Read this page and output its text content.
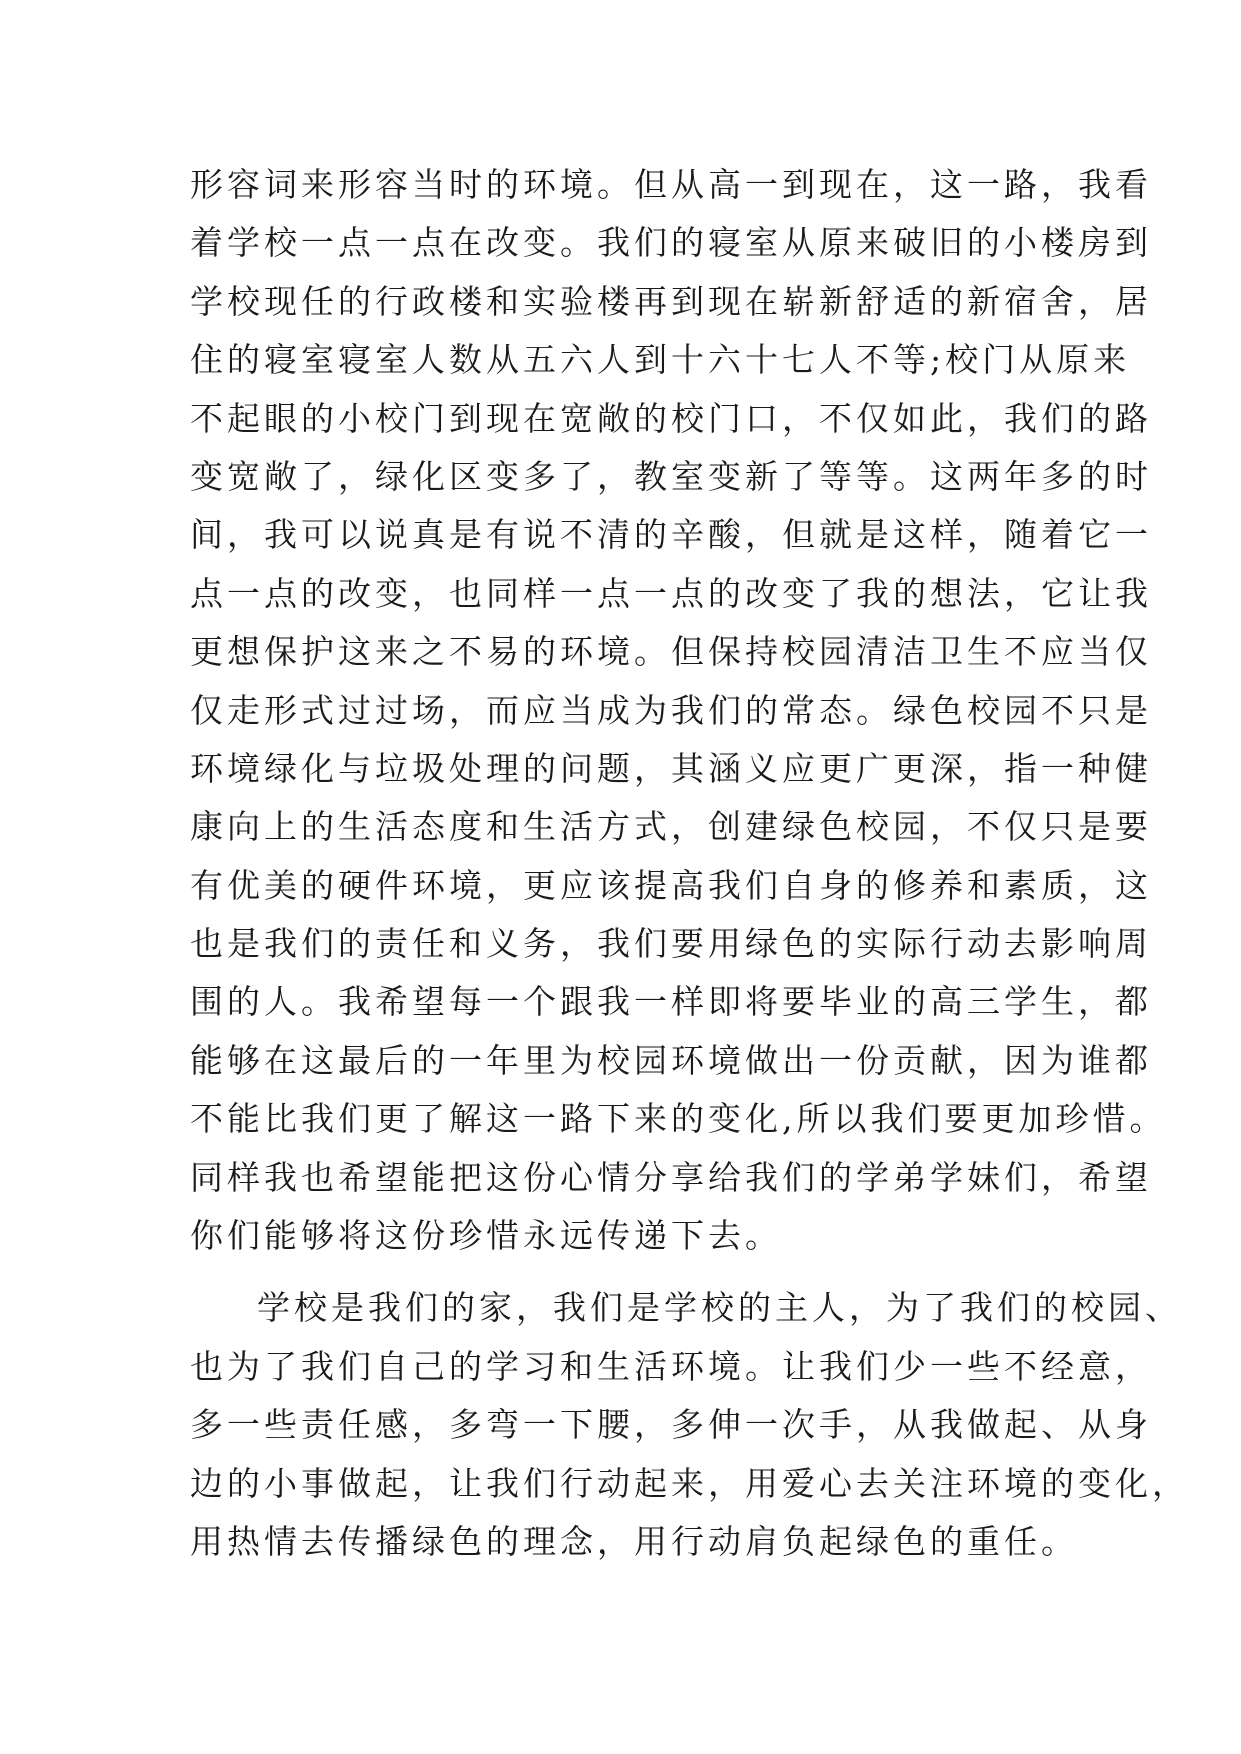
形容词来形容当时的环境。但从高一到现在，这一路，我看
着学校一点一点在改变。我们的寝室从原来破旧的小楼房到
学校现任的行政楼和实验楼再到现在崭新舒适的新宿舍，居
住的寝室寝室人数从五六人到十六十七人不等;校门从原来
不起眼的小校门到现在宽敞的校门口，不仅如此，我们的路
变宽敞了，绿化区变多了，教室变新了等等。这两年多的时
间，我可以说真是有说不清的辛酸，但就是这样，随着它一
点一点的改变，也同样一点一点的改变了我的想法，它让我
更想保护这来之不易的环境。但保持校园清洁卫生不应当仅
仅走形式过过场，而应当成为我们的常态。绿色校园不只是
环境绿化与垃圾处理的问题，其涵义应更广更深，指一种健
康向上的生活态度和生活方式，创建绿色校园，不仅只是要
有优美的硬件环境，更应该提高我们自身的修养和素质，这
也是我们的责任和义务，我们要用绿色的实际行动去影响周
围的人。我希望每一个跟我一样即将要毕业的高三学生，都
能够在这最后的一年里为校园环境做出一份贡献，因为谁都
不能比我们更了解这一路下来的变化,所以我们要更加珍惜。
同样我也希望能把这份心情分享给我们的学弟学妹们，希望
你们能够将这份珍惜永远传递下去。
学校是我们的家，我们是学校的主人，为了我们的校园、
也为了我们自己的学习和生活环境。让我们少一些不经意，
多一些责任感，多弯一下腰，多伸一次手，从我做起、从身
边的小事做起，让我们行动起来，用爱心去关注环境的变化，
用热情去传播绿色的理念，用行动肩负起绿色的重任。
